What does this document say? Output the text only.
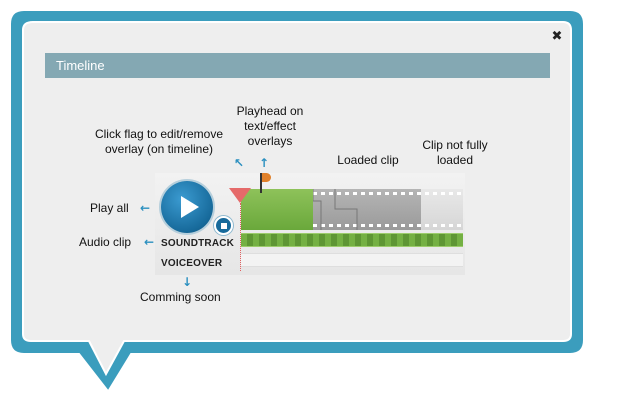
✖
Timeline
Click flag to edit/remove
overlay (on timeline)
↖
Playhead on
text/effect
overlays
↑	Loaded clip
Clip not fully
loaded
Play all ←
Audio clip ←
↓
Comming soon
SOUNDTRACK
VOICEOVER
